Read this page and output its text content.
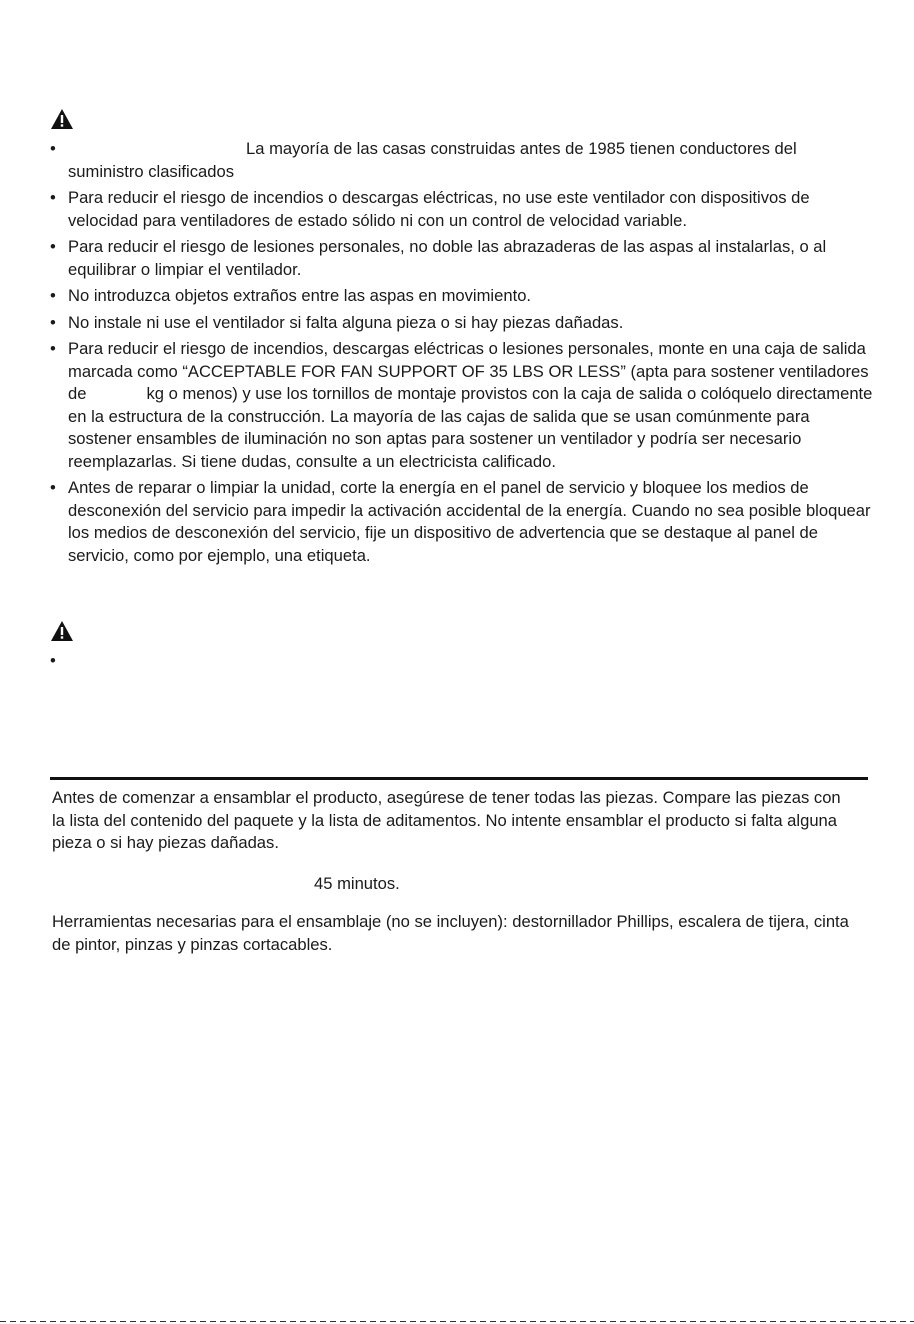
•	La mayoría de las casas construidas antes de 1985 tienen conductores del suministro clasificados
• Para reducir el riesgo de incendios o descargas eléctricas, no use este ventilador con dispositivos de velocidad para ventiladores de estado sólido ni con un control de velocidad variable.
• Para reducir el riesgo de lesiones personales, no doble las abrazaderas de las aspas al instalarlas, o al equilibrar o limpiar el ventilador.
• No introduzca objetos extraños entre las aspas en movimiento.
• No instale ni use el ventilador si falta alguna pieza o si hay piezas dañadas.
• Para reducir el riesgo de incendios, descargas eléctricas o lesiones personales, monte en una caja de salida marcada como “ACCEPTABLE FOR FAN SUPPORT OF 35 LBS OR LESS” (apta para sostener ventiladores de	kg o menos) y use los tornillos de montaje provistos con la caja de salida o colóquelo directamente en la estructura de la construcción. La mayoría de las cajas de salida que se usan comúnmente para sostener ensambles de iluminación no son aptas para sostener un ventilador y podría ser necesario reemplazarlas. Si tiene dudas, consulte a un electricista calificado.
• Antes de reparar o limpiar la unidad, corte la energía en el panel de servicio y bloquee los medios de desconexión del servicio para impedir la activación accidental de la energía. Cuando no sea posible bloquear los medios de desconexión del servicio, fije un dispositivo de advertencia que se destaque al panel de servicio, como por ejemplo, una etiqueta.
•

Antes de comenzar a ensamblar el producto, asegúrese de tener todas las piezas. Compare las piezas con la lista del contenido del paquete y la lista de aditamentos. No intente ensamblar el producto si falta alguna pieza o si hay piezas dañadas.

45 minutos.

Herramientas necesarias para el ensamblaje (no se incluyen): destornillador Phillips, escalera de tijera, cinta de pintor, pinzas y pinzas cortacables.
